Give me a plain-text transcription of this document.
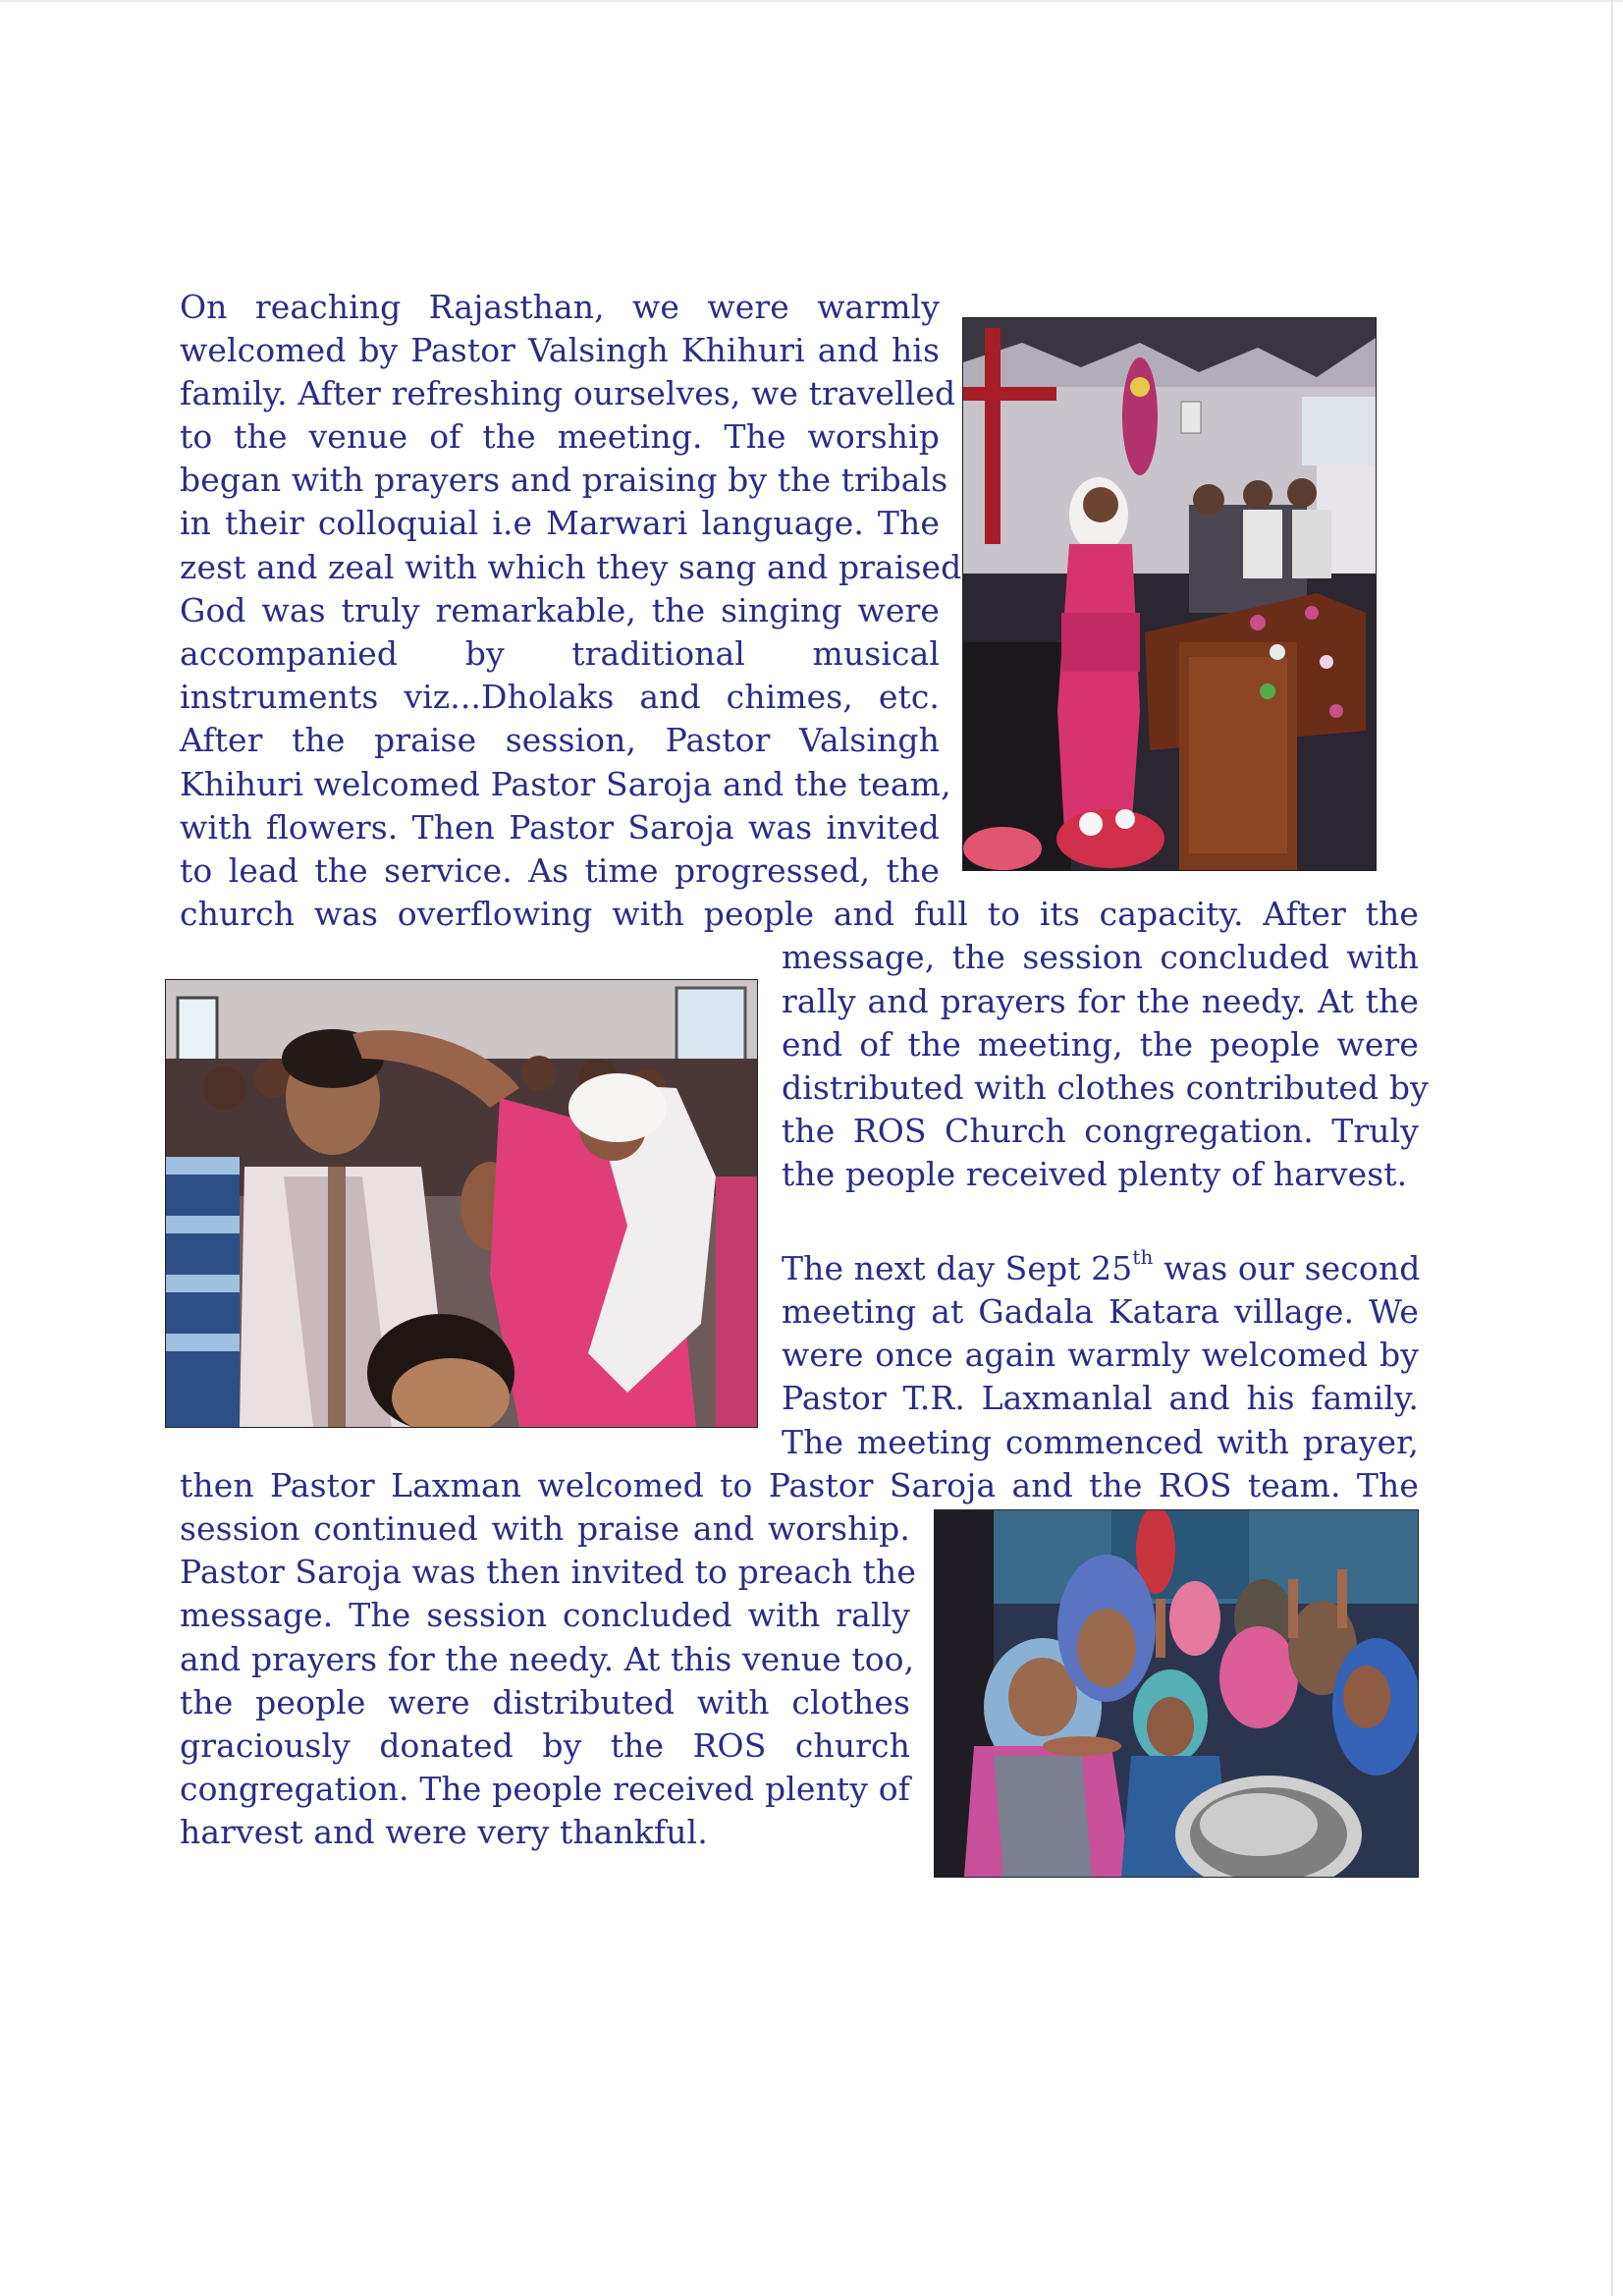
On reaching Rajasthan, we were warmly
welcomed by Pastor Valsingh Khihuri and his
family. After refreshing ourselves, we travelled
to the venue of the meeting. The worship
began with prayers and praising by the tribals
in their colloquial i.e Marwari language. The
zest and zeal with which they sang and praised
God was truly remarkable, the singing were
accompanied by traditional musical
instruments viz...Dholaks and chimes, etc.
After the praise session, Pastor Valsingh
Khihuri welcomed Pastor Saroja and the team,
with flowers. Then Pastor Saroja was invited
to lead the service. As time progressed, the
church was overflowing with people and full to its capacity. After the
message, the session concluded with
rally and prayers for the needy. At the
end of the meeting, the people were
distributed with clothes contributed by
the ROS Church congregation. Truly
the people received plenty of harvest.
The next day Sept 25th was our second
meeting at Gadala Katara village. We
were once again warmly welcomed by
Pastor T.R. Laxmanlal and his family.
The meeting commenced with prayer,
then Pastor Laxman welcomed to Pastor Saroja and the ROS team. The
session continued with praise and worship.
Pastor Saroja was then invited to preach the
message. The session concluded with rally
and prayers for the needy. At this venue too,
the people were distributed with clothes
graciously donated by the ROS church
congregation. The people received plenty of
harvest and were very thankful.
